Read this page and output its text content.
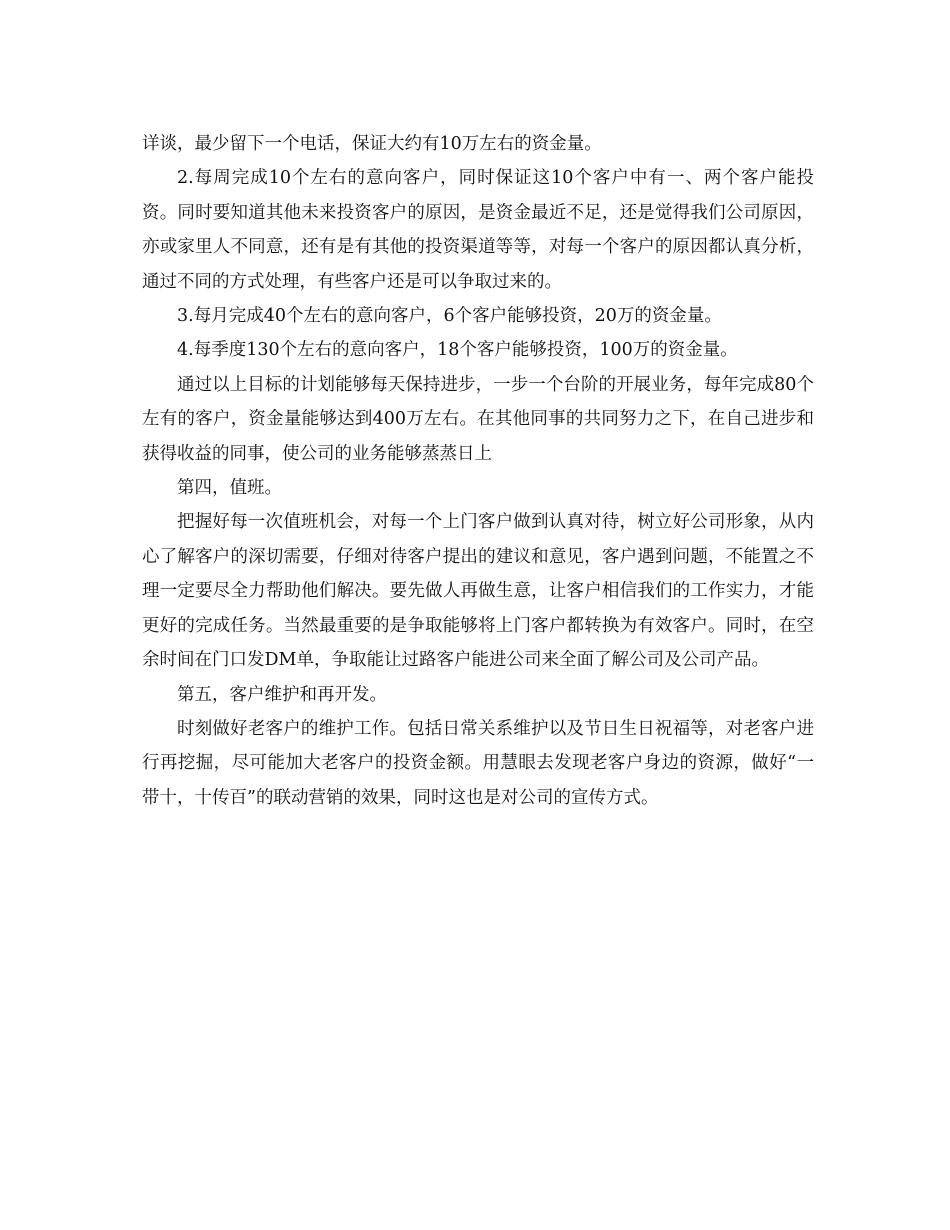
详谈，最少留下一个电话，保证大约有10万左右的资金量。

2.每周完成10个左右的意向客户，同时保证这10个客户中有一、两个客户能投资。同时要知道其他未来投资客户的原因，是资金最近不足，还是觉得我们公司原因，亦或家里人不同意，还有是有其他的投资渠道等等，对每一个客户的原因都认真分析，通过不同的方式处理，有些客户还是可以争取过来的。

3.每月完成40个左右的意向客户，6个客户能够投资，20万的资金量。

4.每季度130个左右的意向客户，18个客户能够投资，100万的资金量。

通过以上目标的计划能够每天保持进步，一步一个台阶的开展业务，每年完成80个左有的客户，资金量能够达到400万左右。在其他同事的共同努力之下，在自己进步和获得收益的同事，使公司的业务能够蒸蒸日上

第四，值班。

把握好每一次值班机会，对每一个上门客户做到认真对待，树立好公司形象，从内心了解客户的深切需要，仔细对待客户提出的建议和意见，客户遇到问题，不能置之不理一定要尽全力帮助他们解决。要先做人再做生意，让客户相信我们的工作实力，才能更好的完成任务。当然最重要的是争取能够将上门客户都转换为有效客户。同时，在空余时间在门口发DM单，争取能让过路客户能进公司来全面了解公司及公司产品。

第五，客户维护和再开发。

时刻做好老客户的维护工作。包括日常关系维护以及节日生日祝福等，对老客户进行再挖掘，尽可能加大老客户的投资金额。用慧眼去发现老客户身边的资源，做好“一带十，十传百”的联动营销的效果，同时这也是对公司的宣传方式。
